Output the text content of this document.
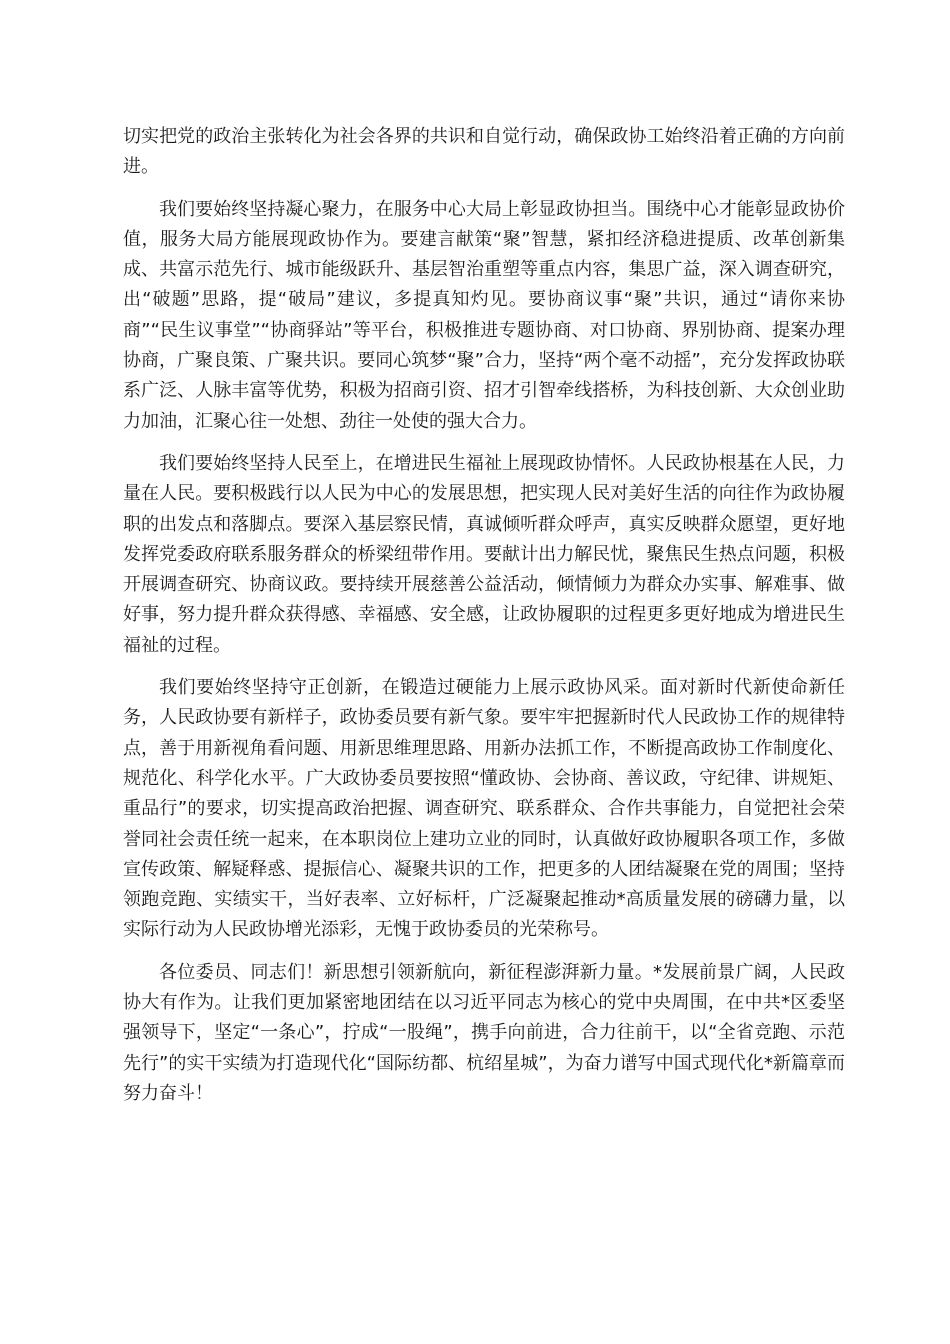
切实把党的政治主张转化为社会各界的共识和自觉行动，确保政协工始终沿着正确的方向前进。

我们要始终坚持凝心聚力，在服务中心大局上彰显政协担当。围绕中心才能彰显政协价值，服务大局方能展现政协作为。要建言献策“聚”智慧，紧扣经济稳进提质、改革创新集成、共富示范先行、城市能级跃升、基层智治重塑等重点内容，集思广益，深入调查研究，出“破题”思路，提“破局”建议，多提真知灼见。要协商议事“聚”共识，通过“请你来协商”“民生议事堂”“协商驿站”等平台，积极推进专题协商、对口协商、界别协商、提案办理协商，广聚良策、广聚共识。要同心筑梦“聚”合力，坚持“两个毫不动摇”，充分发挥政协联系广泛、人脉丰富等优势，积极为招商引资、招才引智牵线搭桥，为科技创新、大众创业助力加油，汇聚心往一处想、劲往一处使的强大合力。

我们要始终坚持人民至上，在增进民生福祉上展现政协情怀。人民政协根基在人民，力量在人民。要积极践行以人民为中心的发展思想，把实现人民对美好生活的向往作为政协履职的出发点和落脚点。要深入基层察民情，真诚倾听群众呼声，真实反映群众愿望，更好地发挥党委政府联系服务群众的桥梁纽带作用。要献计出力解民忧，聚焦民生热点问题，积极开展调查研究、协商议政。要持续开展慈善公益活动，倾情倾力为群众办实事、解难事、做好事，努力提升群众获得感、幸福感、安全感，让政协履职的过程更多更好地成为增进民生福祉的过程。

我们要始终坚持守正创新，在锻造过硬能力上展示政协风采。面对新时代新使命新任务，人民政协要有新样子，政协委员要有新气象。要牢牢把握新时代人民政协工作的规律特点，善于用新视角看问题、用新思维理思路、用新办法抓工作，不断提高政协工作制度化、规范化、科学化水平。广大政协委员要按照“懂政协、会协商、善议政，守纪律、讲规矩、重品行”的要求，切实提高政治把握、调查研究、联系群众、合作共事能力，自觉把社会荣誉同社会责任统一起来，在本职岗位上建功立业的同时，认真做好政协履职各项工作，多做宣传政策、解疑释惑、提振信心、凝聚共识的工作，把更多的人团结凝聚在党的周围；坚持领跑竞跑、实绩实干，当好表率、立好标杆，广泛凝聚起推动*高质量发展的磅礴力量，以实际行动为人民政协增光添彩，无愧于政协委员的光荣称号。

各位委员、同志们！新思想引领新航向，新征程澎湃新力量。*发展前景广阔，人民政协大有作为。让我们更加紧密地团结在以习近平同志为核心的党中央周围，在中共*区委坚强领导下，坚定“一条心”，拧成“一股绳”，携手向前进，合力往前干，以“全省竞跑、示范先行”的实干实绩为打造现代化“国际纺都、杭绍星城”，为奋力谱写中国式现代化*新篇章而努力奋斗！
